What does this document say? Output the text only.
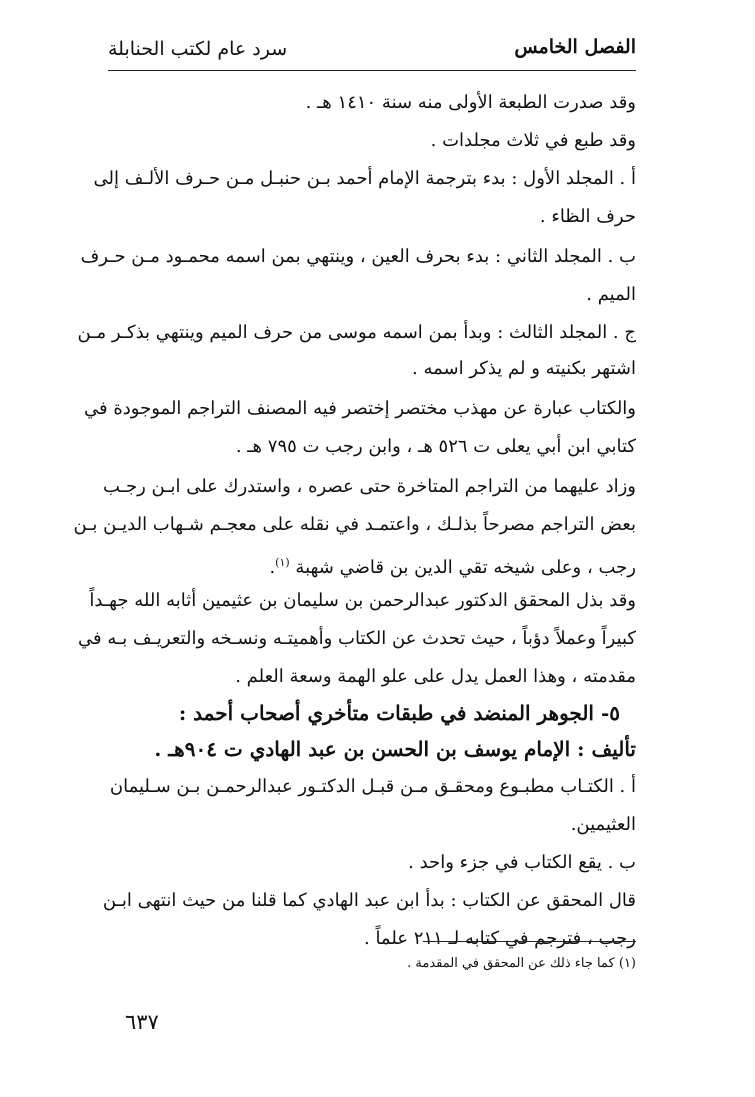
الفصل الخامس
سرد عام لكتب الحنابلة
وقد صدرت الطبعة الأولى منه سنة ١٤١٠ هـ .
وقد طبع في ثلاث مجلدات .
أ . المجلد الأول : بدء بترجمة الإمام أحمد بـن حنبـل مـن حـرف الألـف إلى
حرف الظاء .
ب . المجلد الثاني : بدء بحرف العين ، وينتهي بمن اسمه محمـود مـن حـرف
الميم .
ج . المجلد الثالث : وبدأ بمن اسمه موسى من حرف الميم وينتهي بذكـر مـن
اشتهر بكنيته و لم يذكر اسمه .
والكتاب عبارة عن مهذب مختصر إختصر فيه المصنف التراجم الموجودة في
كتابي ابن أبي يعلى ت ٥٢٦ هـ ، وابن رجب ت ٧٩٥ هـ .
وزاد عليهما من التراجم المتاخرة حتى عصره ، واستدرك على ابـن رجـب
بعض التراجم مصرحاً بذلـك ، واعتمـد في نقله على معجـم شـهاب الديـن بـن
رجب ، وعلى شيخه تقي الدين بن قاضي شهبة $^{(١)}$.
وقد بذل المحقق الدكتور عبدالرحمن بن سليمان بن عثيمين أثابه الله جهـداً
كبيراً وعملاً دؤباً ، حيث تحدث عن الكتاب وأهميتـه ونسـخه والتعريـف بـه في
مقدمته ، وهذا العمل يدل على علو الهمة وسعة العلم .
٥- الجوهر المنضد في طبقات متأخري أصحاب أحمد :
تأليف : الإمام يوسف بن الحسن بن عبد الهادي ت ٩٠٤هـ .
أ . الكتـاب مطبـوع ومحقـق مـن قبـل الدكتـور عبدالرحمـن بـن سـليمان
العثيمين.
ب . يقع الكتاب في جزء واحد .
قال المحقق عن الكتاب : بدأ ابن عبد الهادي كما قلنا من حيث انتهى ابـن
رجب ، فترجم في كتابه لـ ٢١١ علماً .
(١) كما جاء ذلك عن المحقق في المقدمة .
٦٣٧
